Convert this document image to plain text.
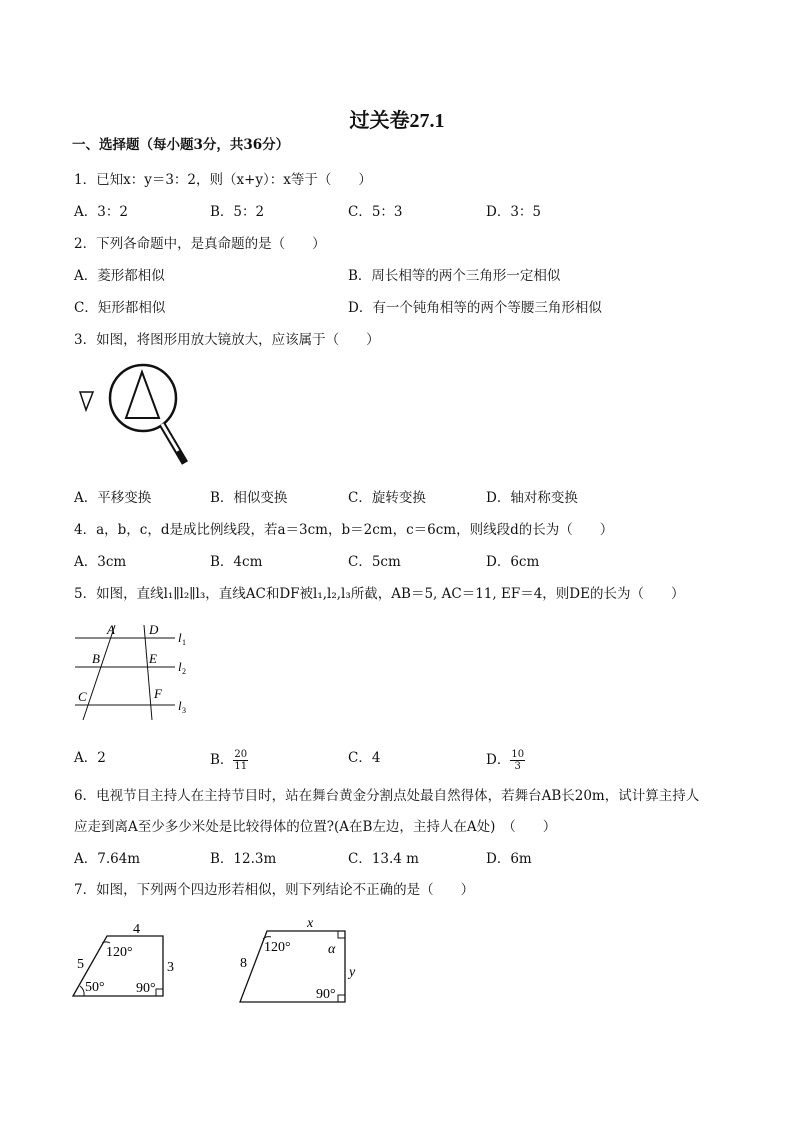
过关卷27.1
一、选择题（每小题3分，共36分）
1．已知x：y＝3：2，则（x+y）：x等于（　　）
A．3：2	B．5：2	C．5：3	D．3：5
2．下列各命题中，是真命题的是（　　）
A．菱形都相似	B．周长相等的两个三角形一定相似
C．矩形都相似	D．有一个钝角相等的两个等腰三角形相似
3．如图，将图形用放大镜放大，应该属于（　　）
A．平移变换	B．相似变换	C．旋转变换	D．轴对称变换
4．a，b，c，d是成比例线段，若a＝3cm，b＝2cm，c＝6cm，则线段d的长为（　　）
A．3cm	B．4cm	C．5cm	D．6cm
5．如图，直线l₁∥l₂∥l₃，直线AC和DF被l₁,l₂,l₃所截，AB＝5, AC＝11, EF＝4，则DE的长为（　　）
A	D
B	E
C	F
l 1
l 2
l 3
A．2	B． $\frac{20}{11}$	C．4	D． $\frac{10}{3}$
6．电视节目主持人在主持节目时，站在舞台黄金分割点处最自然得体，若舞台AB长20m，试计算主持人
应走到离A至少多少米处是比较得体的位置?(A在B左边，主持人在A处)　（　　）
A．7.64m	B．12.3m	C．13.4 m	D．6m
7．如图，下列两个四边形若相似，则下列结论不正确的是（　　）
4
5	3
120°
50° 90°
x
8
y
120°	α
90°
